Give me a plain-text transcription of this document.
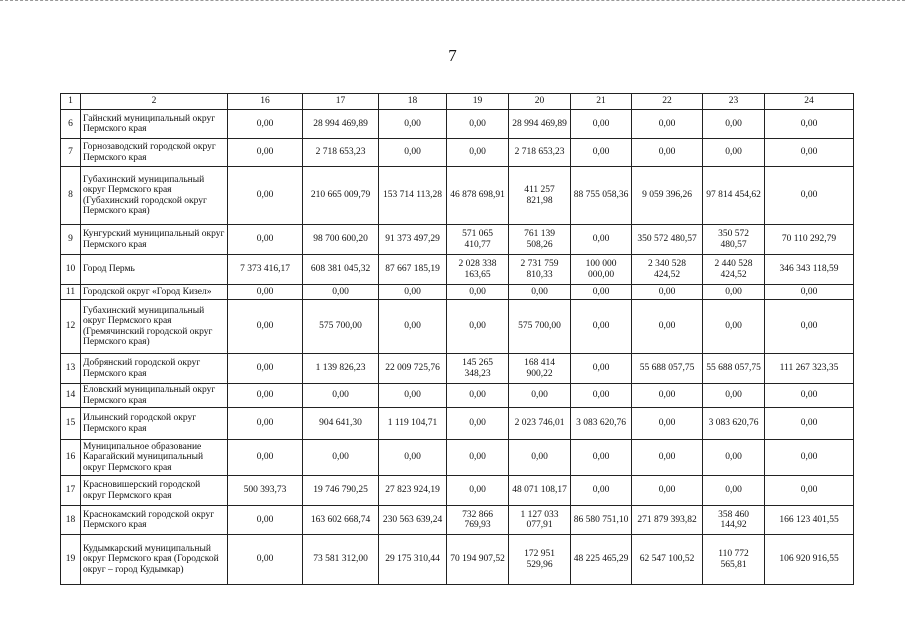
7
1	2	16	17	18	19	20	21	22	23	24
6	Гайнский муниципальный округ Пермского края	0,00	28 994 469,89	0,00	0,00	28 994 469,89	0,00	0,00	0,00	0,00
7	Горнозаводский городской округ Пермского края	0,00	2 718 653,23	0,00	0,00	2 718 653,23	0,00	0,00	0,00	0,00
8	Губахинский муниципальный округ Пермского края (Губахинский городской округ Пермского края)	0,00	210 665 009,79	153 714 113,28	46 878 698,91	411 257 821,98	88 755 058,36	9 059 396,26	97 814 454,62	0,00
9	Кунгурский муниципальный округ Пермского края	0,00	98 700 600,20	91 373 497,29	571 065 410,77	761 139 508,26	0,00	350 572 480,57	350 572 480,57	70 110 292,79
10	Город Пермь	7 373 416,17	608 381 045,32	87 667 185,19	2 028 338 163,65	2 731 759 810,33	100 000 000,00	2 340 528 424,52	2 440 528 424,52	346 343 118,59
11	Городской округ «Город Кизел»	0,00	0,00	0,00	0,00	0,00	0,00	0,00	0,00	0,00
12	Губахинский муниципальный округ Пермского края (Гремячинский городской округ Пермского края)	0,00	575 700,00	0,00	0,00	575 700,00	0,00	0,00	0,00	0,00
13	Добрянский городской округ Пермского края	0,00	1 139 826,23	22 009 725,76	145 265 348,23	168 414 900,22	0,00	55 688 057,75	55 688 057,75	111 267 323,35
14	Еловский муниципальный округ Пермского края	0,00	0,00	0,00	0,00	0,00	0,00	0,00	0,00	0,00
15	Ильинский городской округ Пермского края	0,00	904 641,30	1 119 104,71	0,00	2 023 746,01	3 083 620,76	0,00	3 083 620,76	0,00
16	Муниципальное образование Карагайский муниципальный округ Пермского края	0,00	0,00	0,00	0,00	0,00	0,00	0,00	0,00	0,00
17	Красновишерский городской округ Пермского края	500 393,73	19 746 790,25	27 823 924,19	0,00	48 071 108,17	0,00	0,00	0,00	0,00
18	Краснокамский городской округ Пермского края	0,00	163 602 668,74	230 563 639,24	732 866 769,93	1 127 033 077,91	86 580 751,10	271 879 393,82	358 460 144,92	166 123 401,55
19	Кудымкарский муниципальный округ Пермского края (Городской округ – город Кудымкар)	0,00	73 581 312,00	29 175 310,44	70 194 907,52	172 951 529,96	48 225 465,29	62 547 100,52	110 772 565,81	106 920 916,55
